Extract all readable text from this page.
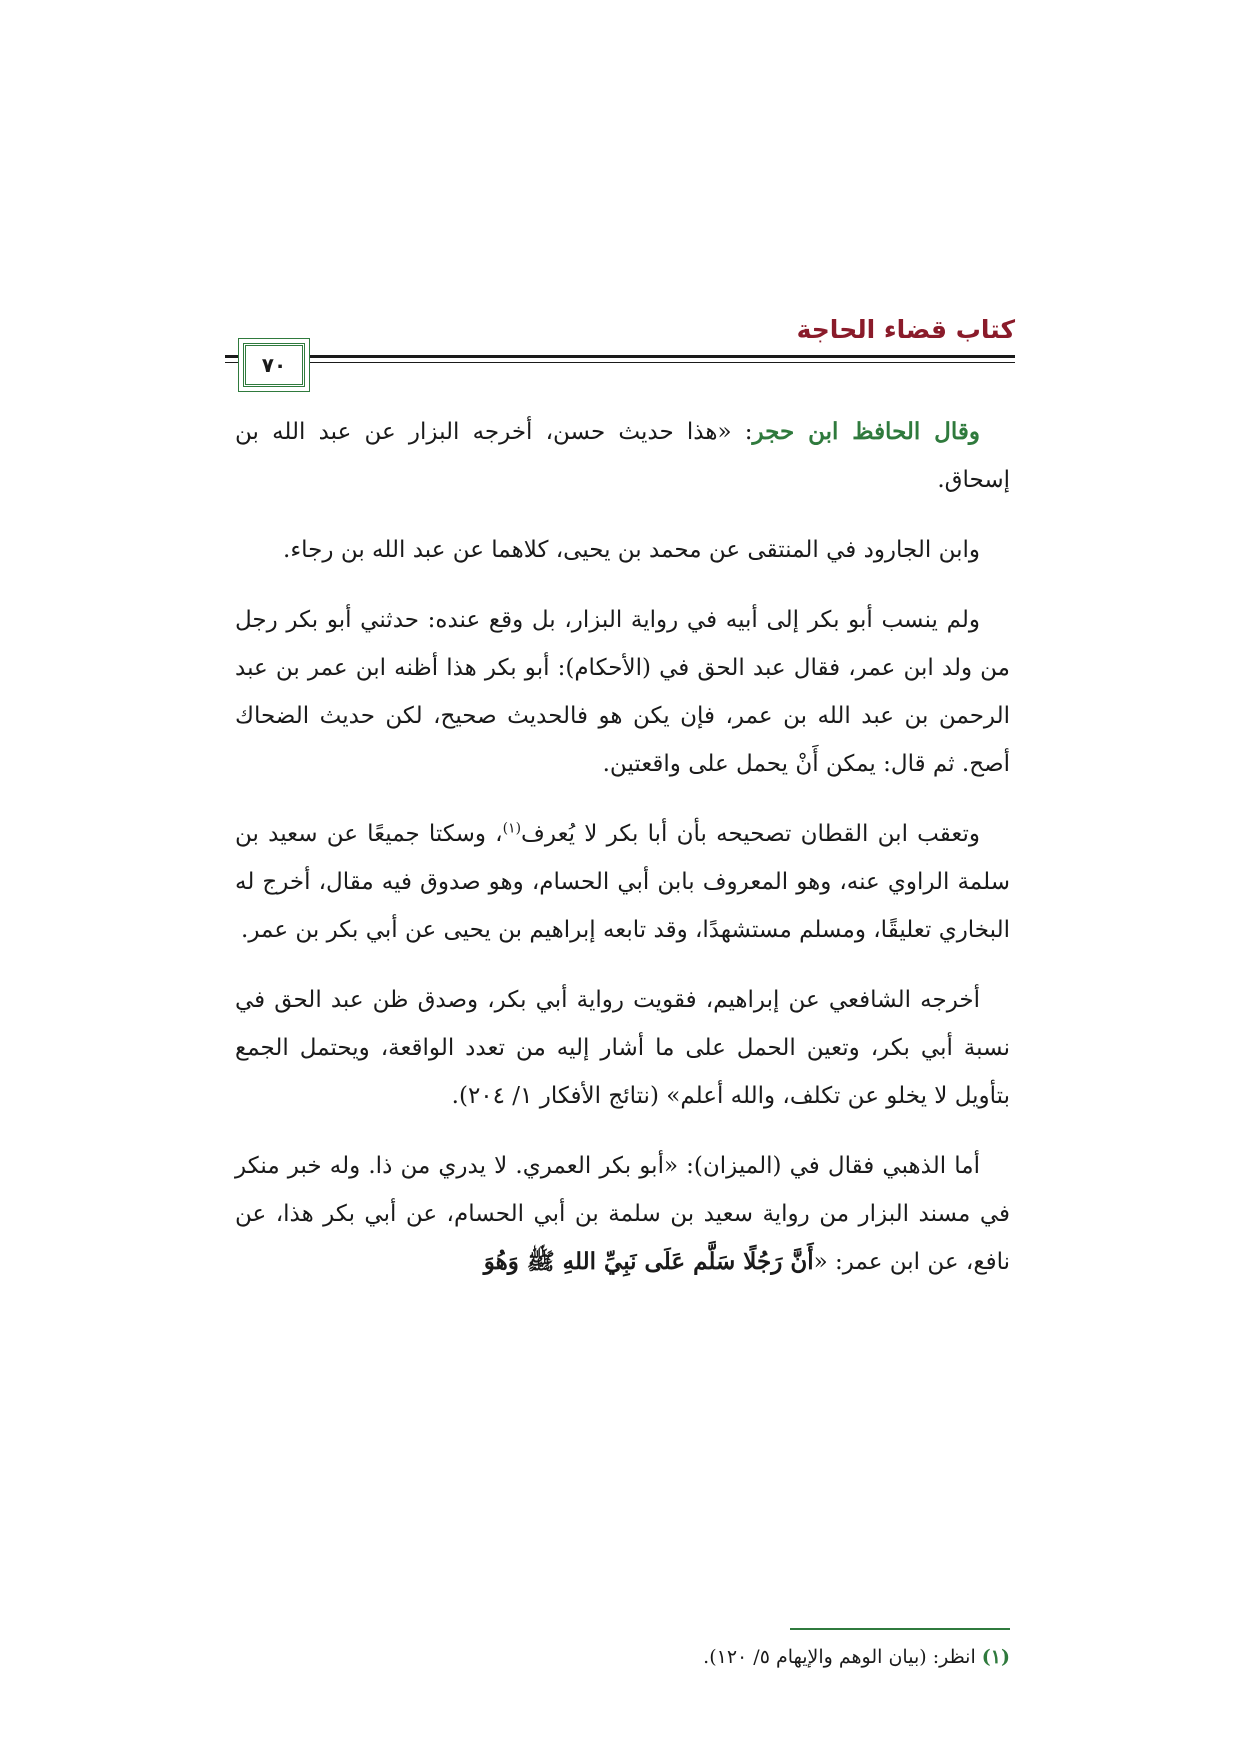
كتاب قضاء الحاجة
٧٠

وقال الحافظ ابن حجر: «هذا حديث حسن، أخرجه البزار عن عبد الله بن إسحاق.

وابن الجارود في المنتقى عن محمد بن يحيى، كلاهما عن عبد الله بن رجاء.

ولم ينسب أبو بكر إلى أبيه في رواية البزار، بل وقع عنده: حدثني أبو بكر رجل من ولد ابن عمر، فقال عبد الحق في (الأحكام): أبو بكر هذا أظنه ابن عمر بن عبد الرحمن بن عبد الله بن عمر، فإن يكن هو فالحديث صحيح، لكن حديث الضحاك أصح. ثم قال: يمكن أَنْ يحمل على واقعتين.

وتعقب ابن القطان تصحيحه بأن أبا بكر لا يُعرف$^{(١)}$، وسكتا جميعًا عن سعيد بن سلمة الراوي عنه، وهو المعروف بابن أبي الحسام، وهو صدوق فيه مقال، أخرج له البخاري تعليقًا، ومسلم مستشهدًا، وقد تابعه إبراهيم بن يحيى عن أبي بكر بن عمر.

أخرجه الشافعي عن إبراهيم، فقويت رواية أبي بكر، وصدق ظن عبد الحق في نسبة أبي بكر، وتعين الحمل على ما أشار إليه من تعدد الواقعة، ويحتمل الجمع بتأويل لا يخلو عن تكلف، والله أعلم» (نتائج الأفكار ١/ ٢٠٤).

أما الذهبي فقال في (الميزان): «أبو بكر العمري. لا يدري من ذا. وله خبر منكر في مسند البزار من رواية سعيد بن سلمة بن أبي الحسام، عن أبي بكر هذا، عن نافع، عن ابن عمر: «أَنَّ رَجُلًا سَلَّم عَلَى نَبِيِّ اللهِ ﷺ وَهُوَ

(١) انظر: (بيان الوهم والإيهام ٥/ ١٢٠).
